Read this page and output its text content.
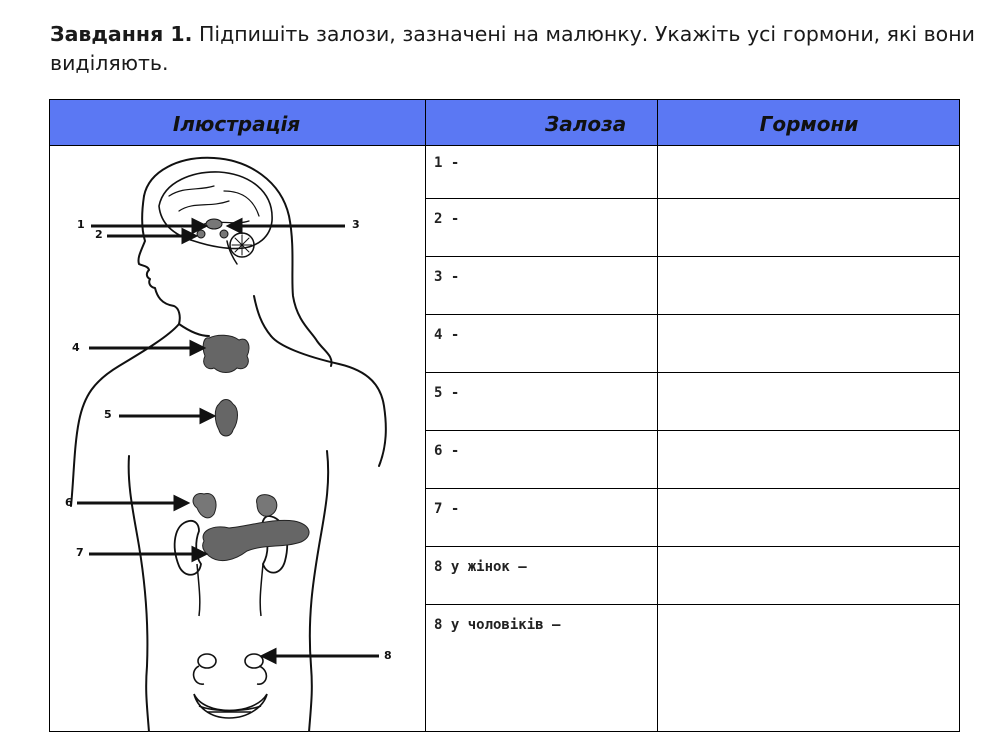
Завдання 1. Підпишіть залози, зазначені на малюнку. Укажіть усі гормони, які вони виділяють.
Ілюстрація	Залоза	Гормони
1 -
2 -
3 -
4 -
5 -
6 -
7 -
8 у жінок –
8 у чоловіків –
1
2
3
4
5
6
7
8
